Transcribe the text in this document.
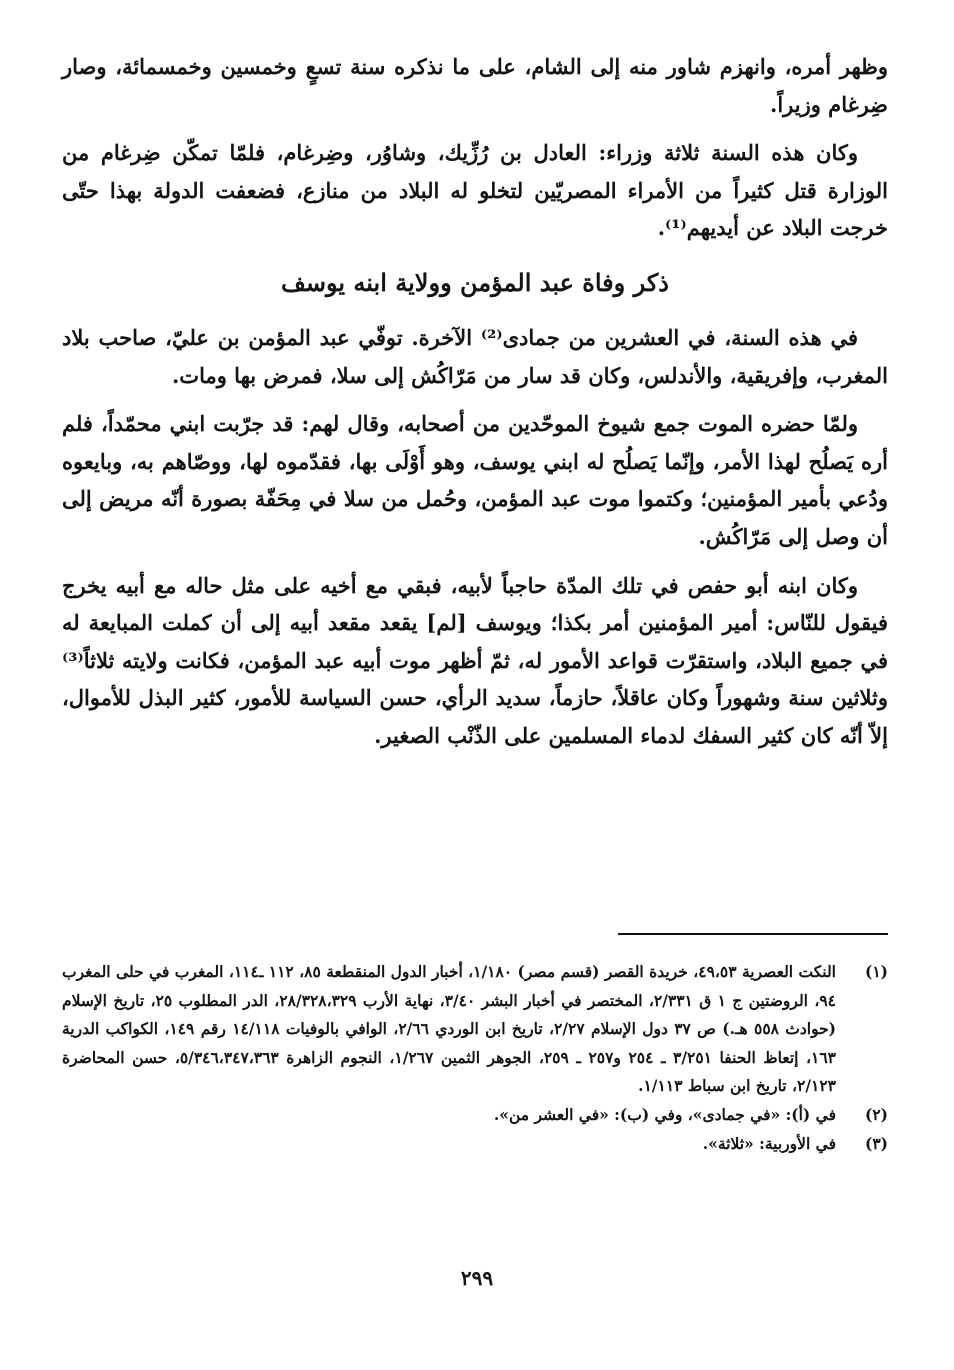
وظهر أمره، وانهزم شاور منه إلى الشام، على ما نذكره سنة تسعٍ وخمسين وخمسمائة، وصار ضِرغام وزيراً.

وكان هذه السنة ثلاثة وزراء: العادل بن رُزِّيك، وشاوُر، وضِرغام، فلمّا تمكّن ضِرغام من الوزارة قتل كثيراً من الأمراء المصريّين لتخلو له البلاد من منازع، فضعفت الدولة بهذا حتّى خرجت البلاد عن أيديهم⁽¹⁾.

ذكر وفاة عبد المؤمن وولاية ابنه يوسف

في هذه السنة، في العشرين من جمادى⁽²⁾ الآخرة. توفّي عبد المؤمن بن عليّ، صاحب بلاد المغرب، وإفريقية، والأندلس، وكان قد سار من مَرّاكُش إلى سلا، فمرض بها ومات.

ولمّا حضره الموت جمع شيوخ الموحّدين من أصحابه، وقال لهم: قد جرّبت ابني محمّداً، فلم أره يَصلُح لهذا الأمر، وإنّما يَصلُح له ابني يوسف، وهو أَوْلَى بها، فقدّموه لها، ووصّاهم به، وبايعوه ودُعي بأمير المؤمنين؛ وكتموا موت عبد المؤمن، وحُمل من سلا في مِحَفّة بصورة أنّه مريض إلى أن وصل إلى مَرّاكُش.

وكان ابنه أبو حفص في تلك المدّة حاجباً لأبيه، فبقي مع أخيه على مثل حاله مع أبيه يخرج فيقول للنّاس: أمير المؤمنين أمر بكذا؛ ويوسف [لم] يقعد مقعد أبيه إلى أن كملت المبايعة له في جميع البلاد، واستقرّت قواعد الأمور له، ثمّ أظهر موت أبيه عبد المؤمن، فكانت ولايته ثلاثاً⁽³⁾ وثلاثين سنة وشهوراً وكان عاقلاً، حازماً، سديد الرأي، حسن السياسة للأمور، كثير البذل للأموال، إلاّ أنّه كان كثير السفك لدماء المسلمين على الذّنْب الصغير.

(١)
النكت العصرية ٤٩،٥٣، خريدة القصر (قسم مصر) ١/١٨٠، أخبار الدول المنقطعة ٨٥، ١١٢ ـ١١٤، المغرب في حلى المغرب ٩٤، الروضتين ج ١ ق ٢/٣٣١، المختصر في أخبار البشر ٣/٤٠، نهاية الأرب ٢٨/٣٢٨،٣٢٩، الدر المطلوب ٢٥، تاريخ الإسلام (حوادث ٥٥٨ هـ.) ص ٣٧ دول الإسلام ٢/٢٧، تاريخ ابن الوردي ٢/٦٦، الوافي بالوفيات ١٤/١١٨ رقم ١٤٩، الكواكب الدرية ١٦٣، إتعاظ الحنفا ٣/٢٥١ ـ ٢٥٤ و٢٥٧ ـ ٢٥٩، الجوهر الثمين ١/٢٦٧، النجوم الزاهرة ٥/٣٤٦،٣٤٧،٣٦٣، حسن المحاضرة ٢/١٢٣، تاريخ ابن سباط ١/١١٣.
(٢)
في (أ): «في جمادى»، وفي (ب): «في العشر من».
(٣)
في الأوربية: «ثلاثة».
٢٩٩
